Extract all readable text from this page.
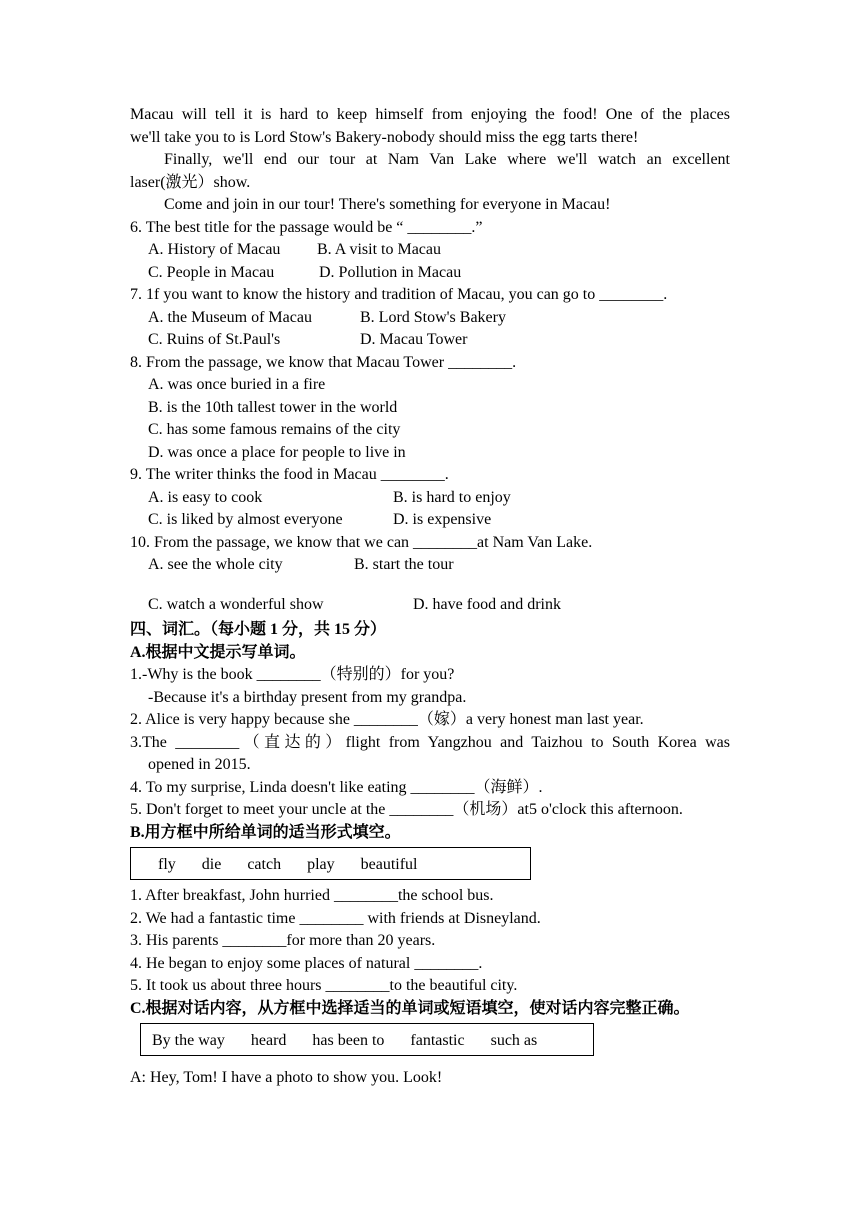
Macau will tell it is hard to keep himself from enjoying the food! One of the places
we'll take you to is Lord Stow's Bakery-nobody should miss the egg tarts there!
Finally, we'll end our tour at Nam Van Lake where we'll watch an excellent
laser(激光）show.
Come and join in our tour! There's something for everyone in Macau!
6. The best title for the passage would be “ ________.”
A. History of Macau	B. A visit to Macau
C. People in Macau	D. Pollution in Macau
7. 1f you want to know the history and tradition of Macau, you can go to ________.
A. the Museum of Macau	B. Lord Stow's Bakery
C. Ruins of St.Paul's	D. Macau Tower
8. From the passage, we know that Macau Tower ________.
A. was once buried in a fire
B. is the 10th tallest tower in the world
C. has some famous remains of the city
D. was once a place for people to live in
9. The writer thinks the food in Macau ________.
A. is easy to cook	B. is hard to enjoy
C. is liked by almost everyone	D. is expensive
10. From the passage, we know that we can ________at Nam Van Lake.
A. see the whole city	B. start the tour
C. watch a wonderful show	D. have food and drink
四、词汇。（每小题 1 分，共 15 分）
A.根据中文提示写单词。
1.-Why is the book ________（特别的）for you?
-Because it's a birthday present from my grandpa.
2. Alice is very happy because she ________（嫁）a very honest man last year.
3.The ________（直达的）flight from Yangzhou and Taizhou to South Korea was
opened in 2015.
4. To my surprise, Linda doesn't like eating ________（海鲜）.
5. Don't forget to meet your uncle at the ________（机场）at5 o'clock this afternoon.
B.用方框中所给单词的适当形式填空。
fly die catch play beautiful
1. After breakfast, John hurried ________the school bus.
2. We had a fantastic time ________ with friends at Disneyland.
3. His parents ________for more than 20 years.
4. He began to enjoy some places of natural ________.
5. It took us about three hours ________to the beautiful city.
C.根据对话内容，从方框中选择适当的单词或短语填空，使对话内容完整正确。
By the way heard has been to fantastic such as
A: Hey, Tom! I have a photo to show you. Look!
